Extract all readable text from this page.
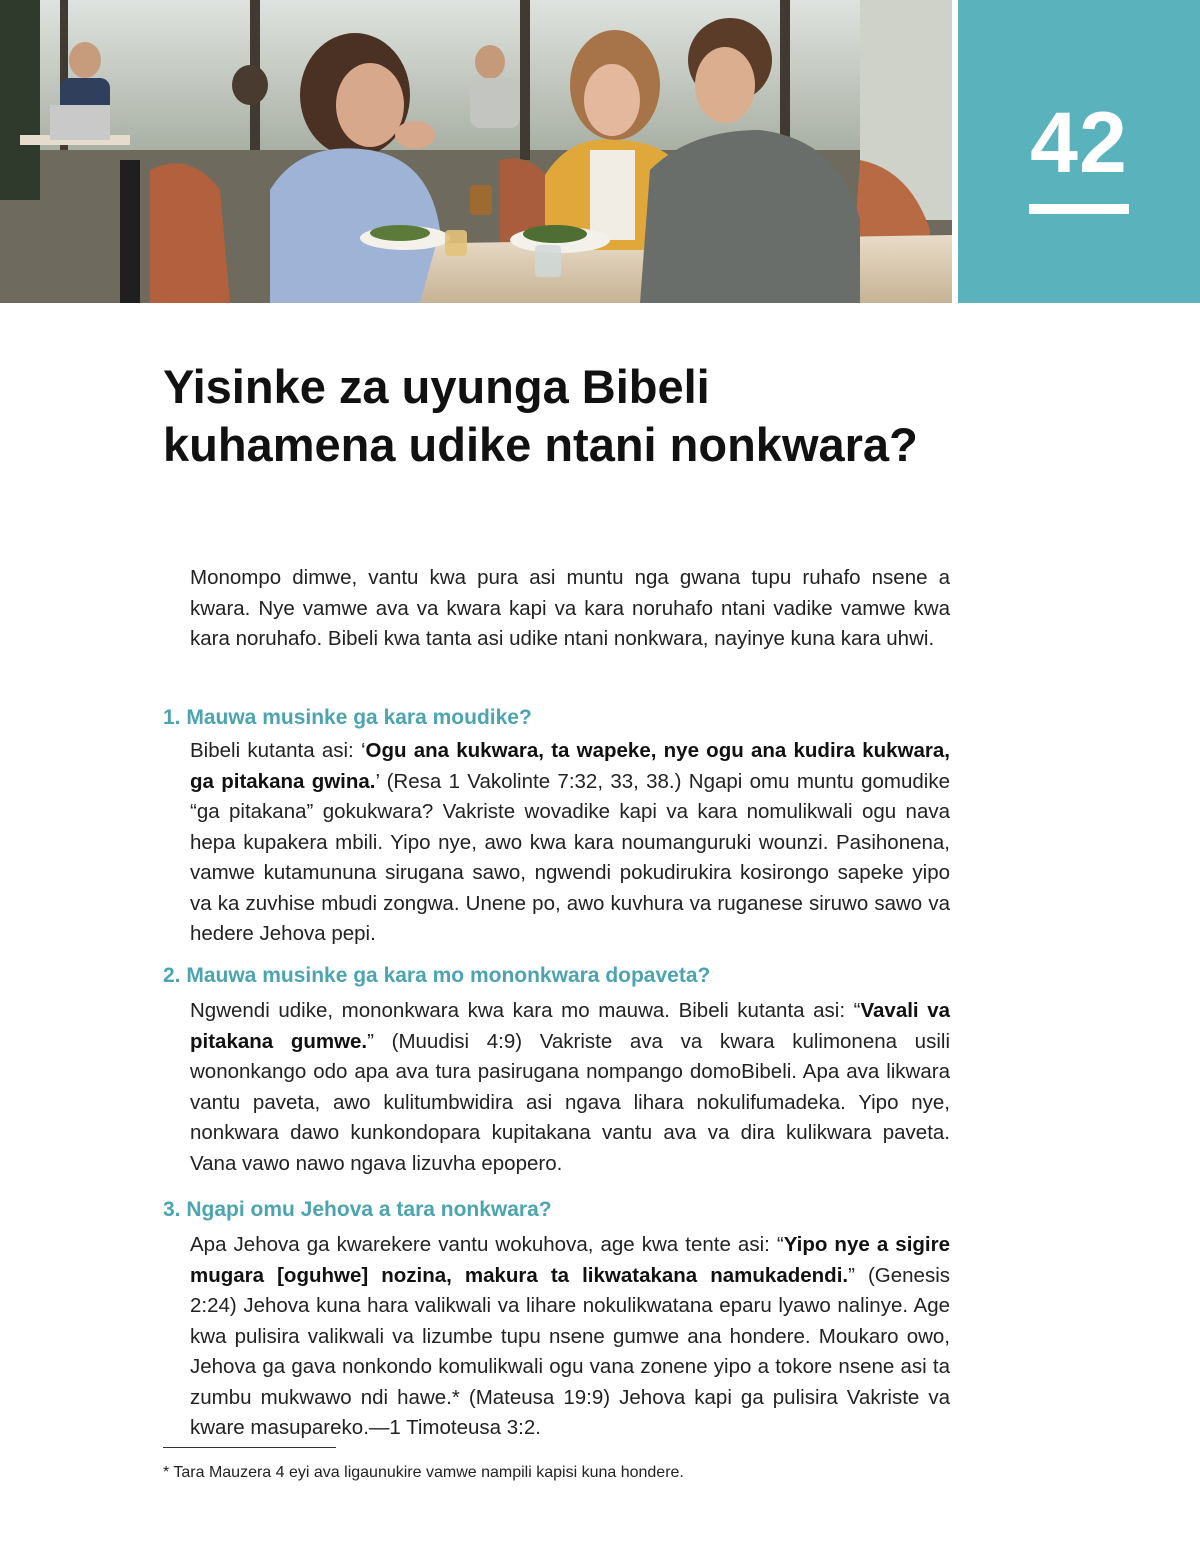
42
Yisinke za uyunga Bibeli kuhamena udike ntani nonkwara?

Monompo dimwe, vantu kwa pura asi muntu nga gwana tupu ruhafo nsene a kwara. Nye vamwe ava va kwara kapi va kara noruhafo ntani vadike vamwe kwa kara noruhafo. Bibeli kwa tanta asi udike ntani nonkwara, nayinye kuna kara uhwi.

1. Mauwa musinke ga kara moudike?

Bibeli kutanta asi: ‘Ogu ana kukwara, ta wapeke, nye ogu ana kudira kukwara, ga pitakana gwina.’ (Resa 1 Vakolinte 7:32, 33, 38.) Ngapi omu muntu gomudike “ga pitakana” gokukwara? Vakriste wovadike kapi va kara nomulikwali ogu nava hepa kupakera mbili. Yipo nye, awo kwa kara noumanguruki wounzi. Pasihonena, vamwe kutamununa sirugana sawo, ngwendi pokudirukira kosirongo sapeke yipo va ka zuvhise mbudi zongwa. Unene po, awo kuvhura va ruganese siruwo sawo va hedere Jehova pepi.

2. Mauwa musinke ga kara mo mononkwara dopaveta?

Ngwendi udike, mononkwara kwa kara mo mauwa. Bibeli kutanta asi: “Vavali va pitakana gumwe.” (Muudisi 4:9) Vakriste ava va kwara kulimonena usili wononkango odo apa ava tura pasirugana nompango domoBibeli. Apa ava likwara vantu paveta, awo kulitumbwidira asi ngava lihara nokulifumadeka. Yipo nye, nonkwara dawo kunkondopara kupitakana vantu ava va dira kulikwara paveta. Vana vawo nawo ngava lizuvha epopero.

3. Ngapi omu Jehova a tara nonkwara?

Apa Jehova ga kwarekere vantu wokuhova, age kwa tente asi: “Yipo nye a sigire mugara [oguhwe] nozina, makura ta likwatakana namukadendi.” (Genesis 2:24) Jehova kuna hara valikwali va lihare nokulikwatana eparu lyawo nalinye. Age kwa pulisira valikwali va lizumbe tupu nsene gumwe ana hondere. Moukaro owo, Jehova ga gava nonkondo komulikwali ogu vana zonene yipo a tokore nsene asi ta zumbu mukwawo ndi hawe.* (Mateusa 19:9) Jehova kapi ga pulisira Vakriste va kware masupareko.—1 Timoteusa 3:2.

* Tara Mauzera 4 eyi ava ligaunukire vamwe nampili kapisi kuna hondere.
